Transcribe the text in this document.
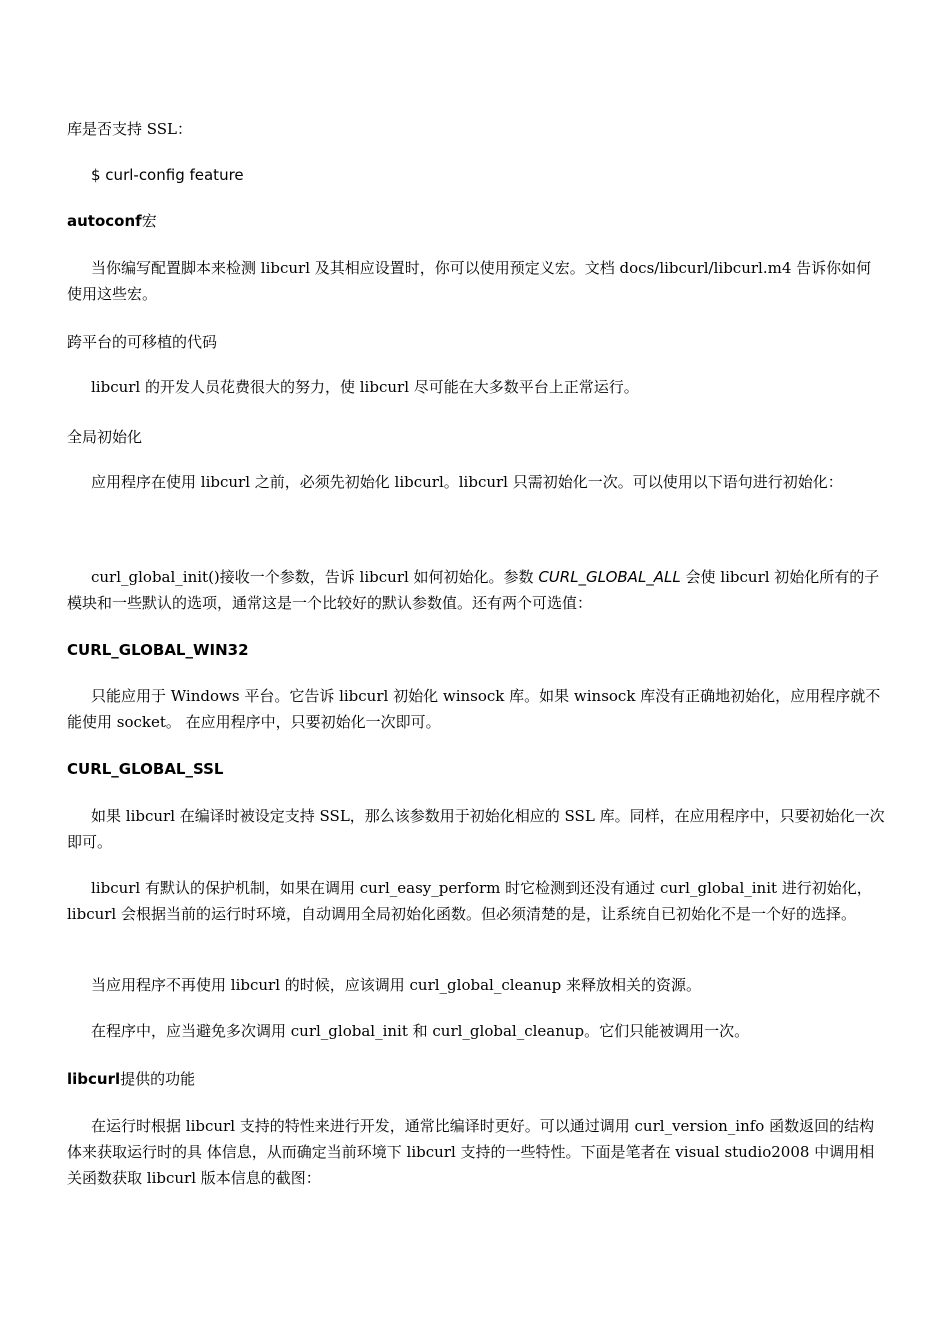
库是否支持 SSL：
$ curl-config feature
autoconf宏
当你编写配置脚本来检测 libcurl 及其相应设置时，你可以使用预定义宏。文档 docs/libcurl/libcurl.m4 告诉你如何使用这些宏。
跨平台的可移植的代码
libcurl 的开发人员花费很大的努力，使 libcurl 尽可能在大多数平台上正常运行。
全局初始化
应用程序在使用 libcurl 之前，必须先初始化 libcurl。libcurl 只需初始化一次。可以使用以下语句进行初始化：
curl_global_init()接收一个参数，告诉 libcurl 如何初始化。参数 CURL_GLOBAL_ALL 会使 libcurl 初始化所有的子模块和一些默认的选项，通常这是一个比较好的默认参数值。还有两个可选值：
CURL_GLOBAL_WIN32
只能应用于 Windows 平台。它告诉 libcurl 初始化 winsock 库。如果 winsock 库没有正确地初始化，应用程序就不能使用 socket。 在应用程序中，只要初始化一次即可。
CURL_GLOBAL_SSL
如果 libcurl 在编译时被设定支持 SSL，那么该参数用于初始化相应的 SSL 库。同样，在应用程序中，只要初始化一次即可。
libcurl 有默认的保护机制，如果在调用 curl_easy_perform 时它检测到还没有通过 curl_global_init 进行初始化，libcurl 会根据当前的运行时环境，自动调用全局初始化函数。但必须清楚的是，让系统自已初始化不是一个好的选择。
当应用程序不再使用 libcurl 的时候，应该调用 curl_global_cleanup 来释放相关的资源。
在程序中，应当避免多次调用 curl_global_init 和 curl_global_cleanup。它们只能被调用一次。
libcurl提供的功能
在运行时根据 libcurl 支持的特性来进行开发，通常比编译时更好。可以通过调用 curl_version_info 函数返回的结构体来获取运行时的具 体信息，从而确定当前环境下 libcurl 支持的一些特性。下面是笔者在 visual studio2008 中调用相关函数获取 libcurl 版本信息的截图：
